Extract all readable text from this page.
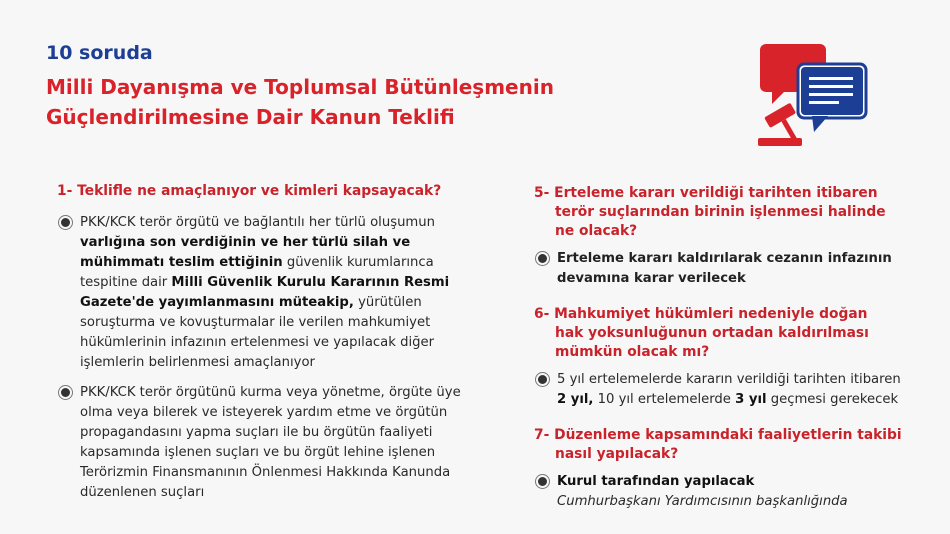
10 soruda

Milli Dayanışma ve Toplumsal Bütünleşmenin
Güçlendirilmesine Dair Kanun Teklifi

1- Teklifle ne amaçlanıyor ve kimleri kapsayacak?

PKK/KCK terör örgütü ve bağlantılı her türlü oluşumun varlığına son verdiğinin ve her türlü silah ve mühimmatı teslim ettiğinin güvenlik kurumlarınca tespitine dair Milli Güvenlik Kurulu Kararının Resmi Gazete'de yayımlanmasını müteakip, yürütülen soruşturma ve kovuşturmalar ile verilen mahkumiyet hükümlerinin infazının ertelenmesi ve yapılacak diğer işlemlerin belirlenmesi amaçlanıyor
PKK/KCK terör örgütünü kurma veya yönetme, örgüte üye olma veya bilerek ve isteyerek yardım etme ve örgütün propagandasını yapma suçları ile bu örgütün faaliyeti kapsamında işlenen suçları ve bu örgüt lehine işlenen Terörizmin Finansmanının Önlenmesi Hakkında Kanunda düzenlenen suçları
5- Erteleme kararı verildiği tarihten itibaren
terör suçlarından birinin işlenmesi halinde
ne olacak?
Erteleme kararı kaldırılarak cezanın infazının devamına karar verilecek
6- Mahkumiyet hükümleri nedeniyle doğan
hak yoksunluğunun ortadan kaldırılması
mümkün olacak mı?
5 yıl ertelemelerde kararın verildiği tarihten itibaren 2 yıl, 10 yıl ertelemelerde 3 yıl geçmesi gerekecek
7- Düzenleme kapsamındaki faaliyetlerin takibi
nasıl yapılacak?
Kurul tarafından yapılacak
Cumhurbaşkanı Yardımcısının başkanlığında
